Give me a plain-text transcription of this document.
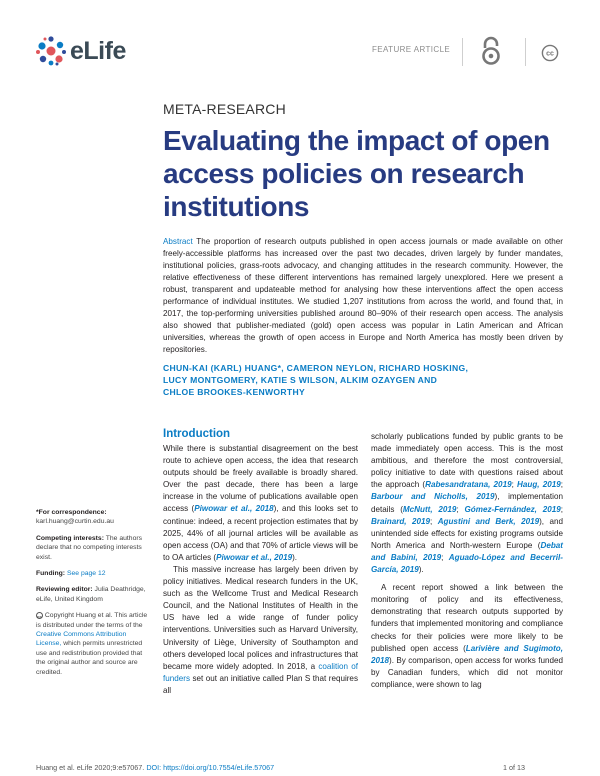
eLife	FEATURE ARTICLE
cc
META-RESEARCH
Evaluating the impact of open access policies on research institutions

Abstract The proportion of research outputs published in open access journals or made available on other freely-accessible platforms has increased over the past two decades, driven largely by funder mandates, institutional policies, grass-roots advocacy, and changing attitudes in the research community. However, the relative effectiveness of these different interventions has remained largely unexplored. Here we present a robust, transparent and updateable method for analysing how these interventions affect the open access performance of individual institutes. We studied 1,207 institutions from across the world, and found that, in 2017, the top-performing universities published around 80–90% of their research open access. The analysis also showed that publisher-mediated (gold) open access was popular in Latin American and African universities, whereas the growth of open access in Europe and North America has mostly been driven by repositories.

CHUN-KAI (KARL) HUANG*, CAMERON NEYLON, RICHARD HOSKING,
LUCY MONTGOMERY, KATIE S WILSON, ALKIM OZAYGEN AND
CHLOE BROOKES-KENWORTHY

*For correspondence: karl.huang@curtin.edu.au

Competing interests: The authors declare that no competing interests exist.

Funding: See page 12

Reviewing editor: Julia Deathridge, eLife, United Kingdom

cc Copyright Huang et al. This article is distributed under the terms of the Creative Commons Attribution License, which permits unrestricted use and redistribution provided that the original author and source are credited.

Introduction

While there is substantial disagreement on the best route to achieve open access, the idea that research outputs should be freely available is broadly shared. Over the past decade, there has been a large increase in the volume of publications available open access (Piwowar et al., 2018), and this looks set to continue: indeed, a recent projection estimates that by 2025, 44% of all journal articles will be available as open access (OA) and that 70% of article views will be to OA articles (Piwowar et al., 2019).

This massive increase has largely been driven by policy initiatives. Medical research funders in the UK, such as the Wellcome Trust and Medical Research Council, and the National Institutes of Health in the US have led a wide range of funder policy interventions. Universities such as Harvard University, University of Liège, University of Southampton and others developed local polices and infrastructures that became more widely adopted. In 2018, a coalition of funders set out an initiative called Plan S that requires all

scholarly publications funded by public grants to be made immediately open access. This is the most ambitious, and therefore the most controversial, policy initiative to date with questions raised about the approach (Rabesandratana, 2019; Haug, 2019; Barbour and Nicholls, 2019), implementation details (McNutt, 2019; Gómez-Fernández, 2019; Brainard, 2019; Agustini and Berk, 2019), and unintended side effects for existing programs outside North America and North-western Europe (Debat and Babini, 2019; Aguado-López and Becerril-García, 2019).

A recent report showed a link between the monitoring of policy and its effectiveness, demonstrating that research outputs supported by funders that implemented monitoring and compliance checks for their policies were more likely to be published open access (Larivière and Sugimoto, 2018). By comparison, open access for works funded by Canadian funders, which did not monitor compliance, were shown to lag

Huang et al. eLife 2020;9:e57067. DOI: https://doi.org/10.7554/eLife.57067	1 of 13
